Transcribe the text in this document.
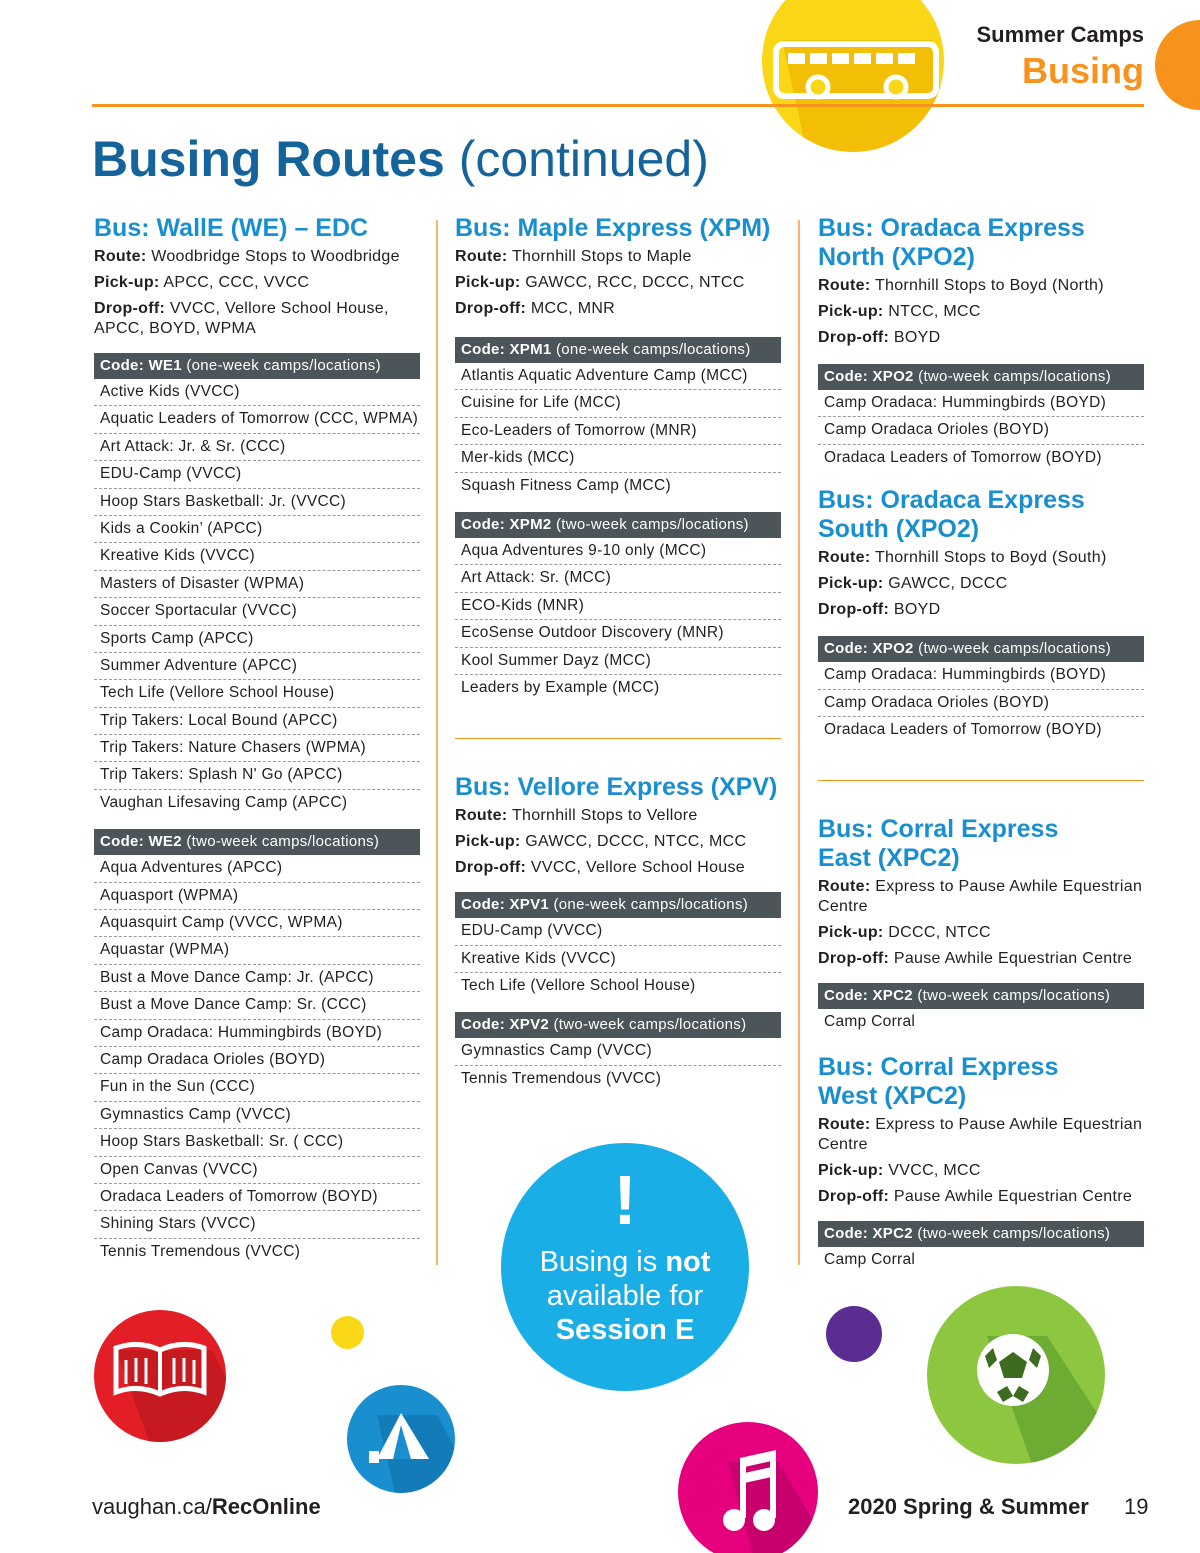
Summer Camps
Busing
Busing Routes (continued)
Bus: WallE (WE) – EDC
Route: Woodbridge Stops to Woodbridge
Pick-up: APCC, CCC, VVCC
Drop-off: VVCC, Vellore School House, APCC, BOYD, WPMA
Code: WE1 (one-week camps/locations)
Active Kids (VVCC)
Aquatic Leaders of Tomorrow (CCC, WPMA)
Art Attack: Jr. & Sr. (CCC)
EDU-Camp (VVCC)
Hoop Stars Basketball: Jr. (VVCC)
Kids a Cookin’ (APCC)
Kreative Kids (VVCC)
Masters of Disaster (WPMA)
Soccer Sportacular (VVCC)
Sports Camp (APCC)
Summer Adventure (APCC)
Tech Life (Vellore School House)
Trip Takers: Local Bound (APCC)
Trip Takers: Nature Chasers (WPMA)
Trip Takers: Splash N' Go (APCC)
Vaughan Lifesaving Camp (APCC)
Code: WE2 (two-week camps/locations)
Aqua Adventures (APCC)
Aquasport (WPMA)
Aquasquirt Camp (VVCC, WPMA)
Aquastar (WPMA)
Bust a Move Dance Camp: Jr. (APCC)
Bust a Move Dance Camp: Sr. (CCC)
Camp Oradaca: Hummingbirds (BOYD)
Camp Oradaca Orioles (BOYD)
Fun in the Sun (CCC)
Gymnastics Camp (VVCC)
Hoop Stars Basketball: Sr. ( CCC)
Open Canvas (VVCC)
Oradaca Leaders of Tomorrow (BOYD)
Shining Stars (VVCC)
Tennis Tremendous (VVCC)
Bus: Maple Express (XPM)
Route: Thornhill Stops to Maple
Pick-up: GAWCC, RCC, DCCC, NTCC
Drop-off: MCC, MNR
Code: XPM1 (one-week camps/locations)
Atlantis Aquatic Adventure Camp (MCC)
Cuisine for Life (MCC)
Eco-Leaders of Tomorrow (MNR)
Mer-kids (MCC)
Squash Fitness Camp (MCC)
Code: XPM2 (two-week camps/locations)
Aqua Adventures 9-10 only (MCC)
Art Attack: Sr. (MCC)
ECO-Kids (MNR)
EcoSense Outdoor Discovery (MNR)
Kool Summer Dayz (MCC)
Leaders by Example (MCC)
Bus: Vellore Express (XPV)
Route: Thornhill Stops to Vellore
Pick-up: GAWCC, DCCC, NTCC, MCC
Drop-off: VVCC, Vellore School House
Code: XPV1 (one-week camps/locations)
EDU-Camp (VVCC)
Kreative Kids (VVCC)
Tech Life (Vellore School House)
Code: XPV2 (two-week camps/locations)
Gymnastics Camp (VVCC)
Tennis Tremendous (VVCC)
Bus: Oradaca Express
North (XPO2)
Route: Thornhill Stops to Boyd (North)
Pick-up: NTCC, MCC
Drop-off: BOYD
Code: XPO2 (two-week camps/locations)
Camp Oradaca: Hummingbirds (BOYD)
Camp Oradaca Orioles (BOYD)
Oradaca Leaders of Tomorrow (BOYD)
Bus: Oradaca Express
South (XPO2)
Route: Thornhill Stops to Boyd (South)
Pick-up: GAWCC, DCCC
Drop-off: BOYD
Code: XPO2 (two-week camps/locations)
Camp Oradaca: Hummingbirds (BOYD)
Camp Oradaca Orioles (BOYD)
Oradaca Leaders of Tomorrow (BOYD)
Bus: Corral Express
East (XPC2)
Route: Express to Pause Awhile Equestrian Centre
Pick-up: DCCC, NTCC
Drop-off: Pause Awhile Equestrian Centre
Code: XPC2 (two-week camps/locations)
Camp Corral
Bus: Corral Express
West (XPC2)
Route: Express to Pause Awhile Equestrian Centre
Pick-up: VVCC, MCC
Drop-off: Pause Awhile Equestrian Centre
Code: XPC2 (two-week camps/locations)
Camp Corral
!
Busing is not
available for
Session E
vaughan.ca/RecOnline	2020 Spring & Summer 19
